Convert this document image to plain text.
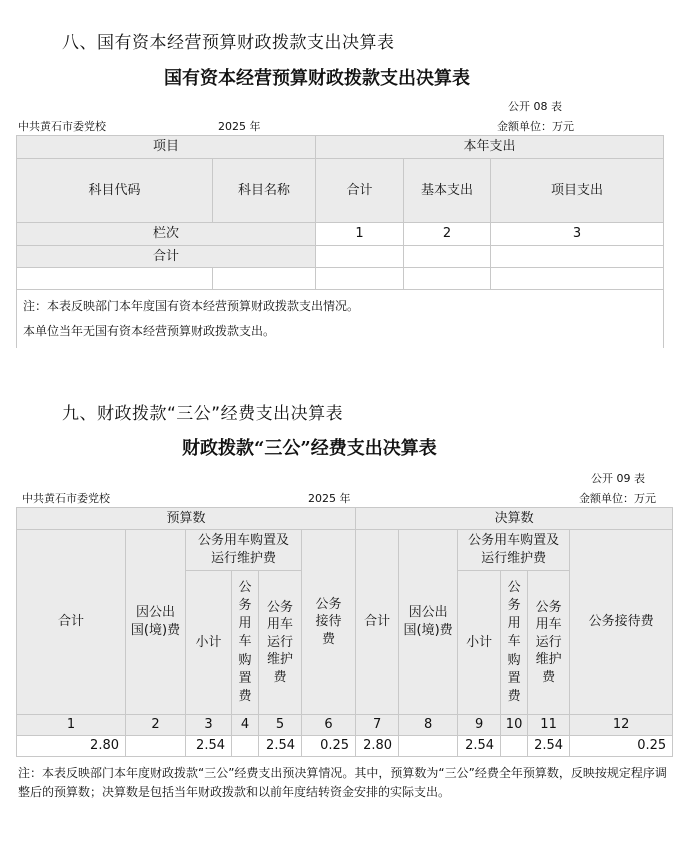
八、国有资本经营预算财政拨款支出决算表
国有资本经营预算财政拨款支出决算表
公开 08 表
中共黄石市委党校	2025 年	金额单位：万元
项目		本年支出		
科目代码	科目名称	合计	基本支出	项目支出
栏次		1	2	3
合计				

注：本表反映部门本年度国有资本经营预算财政拨款支出情况。
本单位当年无国有资本经营预算财政拨款支出。				
九、财政拨款“三公”经费支出决算表
财政拨款“三公”经费支出决算表
公开 09 表
中共黄石市委党校	2025 年	金额单位：万元
预算数						决算数					
合计	因公出国(境)费	公务用车购置及运行维护费			公务接待费	合计	因公出国(境)费	公务用车购置及运行维护费			公务接待费
		小计	公务用车购置费	公务用车运行维护费				小计	公务用车购置费	公务用车运行维护费	

1	2	3	4	5	6	7	8	9	10	11	12
2.80		2.54		2.54	0.25	2.80		2.54		2.54	0.25
注：本表反映部门本年度财政拨款“三公”经费支出预决算情况。其中，预算数为“三公”经费全年预算数，反映按规定程序调整后的预算数；决算数是包括当年财政拨款和以前年度结转资金安排的实际支出。
